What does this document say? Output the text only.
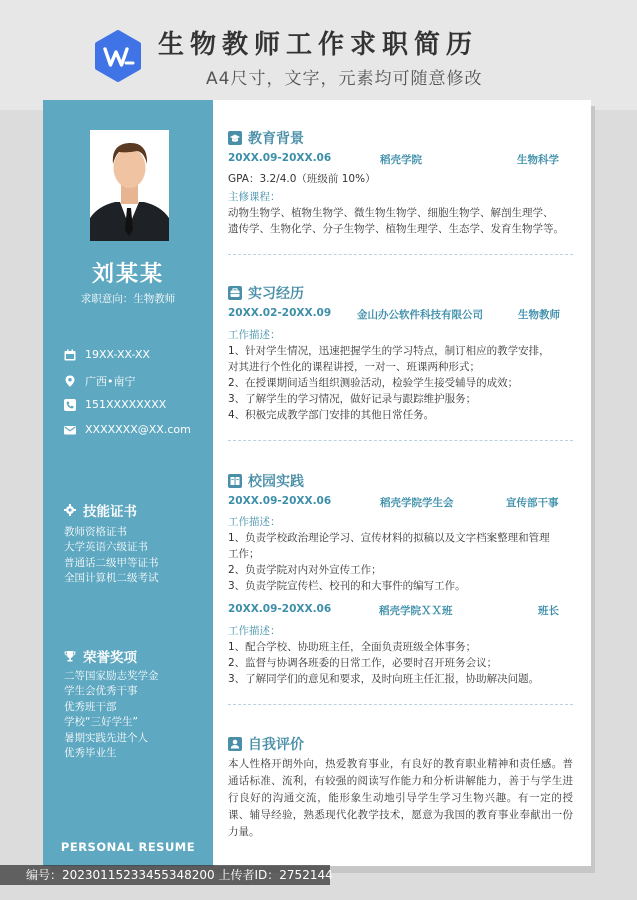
生物教师工作求职简历
A4尺寸，文字，元素均可随意修改
刘某某
求职意向：生物教师
19XX-XX-XX
广西•南宁
151XXXXXXXX
XXXXXXX@XX.com
技能证书
教师资格证书
大学英语六级证书
普通话二级甲等证书
全国计算机二级考试
荣誉奖项
二等国家励志奖学金
学生会优秀干事
优秀班干部
学校“三好学生”
暑期实践先进个人
优秀毕业生
PERSONAL RESUME
教育背景
20XX.09-20XX.06	稻壳学院	生物科学
GPA：3.2/4.0（班级前 10%）
主修课程：
动物生物学、植物生物学、微生物生物学、细胞生物学、解剖生理学、
遗传学、生物化学、分子生物学、植物生理学、生态学、发育生物学等。
实习经历
20XX.02-20XX.09 金山办公软件科技有限公司	生物教师
工作描述：
1、针对学生情况，迅速把握学生的学习特点，制订相应的教学安排，
对其进行个性化的课程讲授，一对一、班课两种形式；
2、在授课期间适当组织测验活动，检验学生接受辅导的成效；
3、了解学生的学习情况，做好记录与跟踪维护服务；
4、积极完成教学部门安排的其他日常任务。
校园实践
20XX.09-20XX.06	稻壳学院学生会	宣传部干事
工作描述：
1、负责学校政治理论学习、宣传材料的拟稿以及文字档案整理和管理
工作；
2、负责学院对内对外宣传工作；
3、负责学院宣传栏、校刊的和大事件的编写工作。
20XX.09-20XX.06	稻壳学院ＸＸ班	班长
工作描述：
1、配合学校、协助班主任，全面负责班级全体事务；
2、监督与协调各班委的日常工作，必要时召开班务会议；
3、了解同学们的意见和要求，及时向班主任汇报，协助解决问题。
自我评价
本人性格开朗外向，热爱教育事业，有良好的教育职业精神和责任感。普通话标准、流利，有较强的阅读写作能力和分析讲解能力，善于与学生进行良好的沟通交流，能形象生动地引导学生学习生物兴趣。有一定的授课、辅导经验，熟悉现代化教学技术，愿意为我国的教育事业奉献出一份力量。
编号：20230115233455348200 上传者ID：2752144
